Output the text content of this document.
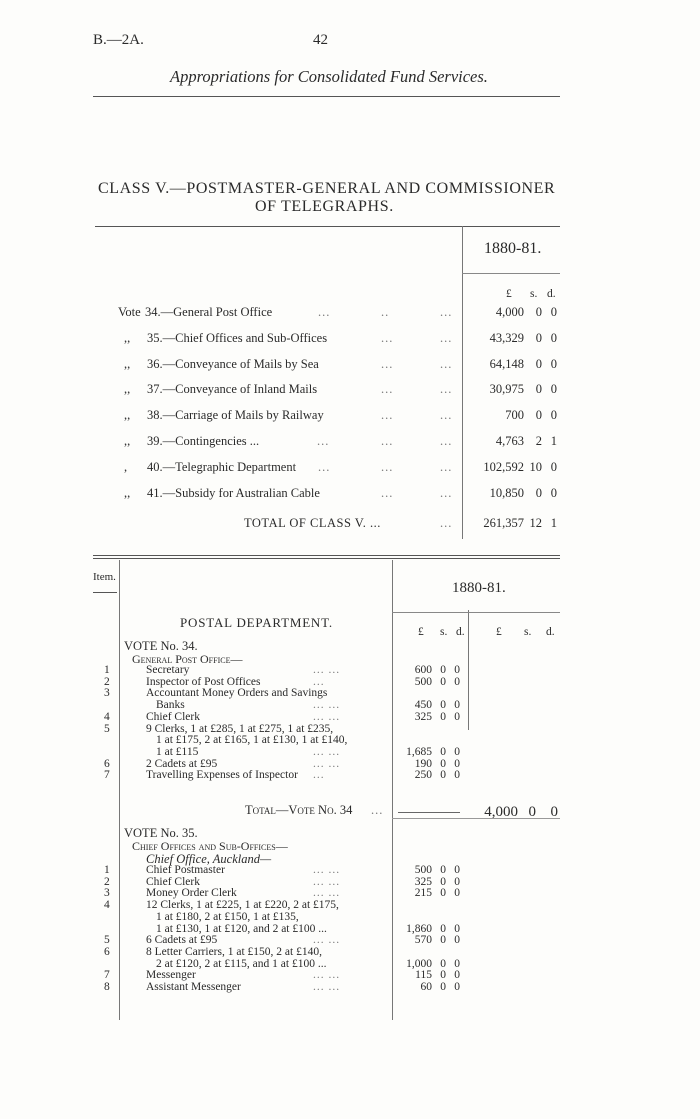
B.—2A.	42
Appropriations for Consolidated Fund Services.
CLASS V.—POSTMASTER-GENERAL AND COMMISSIONER
OF TELEGRAPHS.
1880-81.
£ s. d.
Vote 34.—General Post Office	...	..	...	4,000 0 0
,, 35.—Chief Offices and Sub-Offices	...	...	43,329 0 0
,, 36.—Conveyance of Mails by Sea	...	...	64,148 0 0
,, 37.—Conveyance of Inland Mails	...	...	30,975 0 0
,, 38.—Carriage of Mails by Railway	...	...	700 0 0
,, 39.—Contingencies ...	...	...	...	4,763 2 1
, 40.—Telegraphic Department ...	...	...	102,592 10 0
,, 41.—Subsidy for Australian Cable	...	...	10,850 0 0
TOTAL OF CLASS V. ...	...	261,357 12 1
Item.
1880-81.
£ s. d.	£ s. d.
POSTAL DEPARTMENT.
VOTE No. 34.
General Post Office—
1	Secretary	... ...	600 0 0
2	Inspector of Post Offices	...	500 0 0
3	Accountant Money Orders and Savings
Banks	... ...	450 0 0
4	Chief Clerk	... ...	325 0 0
5	9 Clerks, 1 at £285, 1 at £275, 1 at £235,
1 at £175, 2 at £165, 1 at £130, 1 at £140,
1 at £115	... ...	1,685 0 0
6	2 Cadets at £95	... ...	190 0 0
7	Travelling Expenses of Inspector ...	250 0 0
Total—Vote No. 34 ...	4,000 0 0
VOTE No. 35.
Chief Offices and Sub-Offices—
Chief Office, Auckland—
1	Chief Postmaster	... ...	500 0 0
2	Chief Clerk	... ...	325 0 0
3	Money Order Clerk	... ...	215 0 0
4	12 Clerks, 1 at £225, 1 at £220, 2 at £175,
1 at £180, 2 at £150, 1 at £135,
1 at £130, 1 at £120, and 2 at £100 ...	1,860 0 0
5	6 Cadets at £95	... ...	570 0 0
6	8 Letter Carriers, 1 at £150, 2 at £140,
2 at £120, 2 at £115, and 1 at £100 ...	1,000 0 0
7	Messenger	... ...	115 0 0
8	Assistant Messenger	... ...	60 0 0
